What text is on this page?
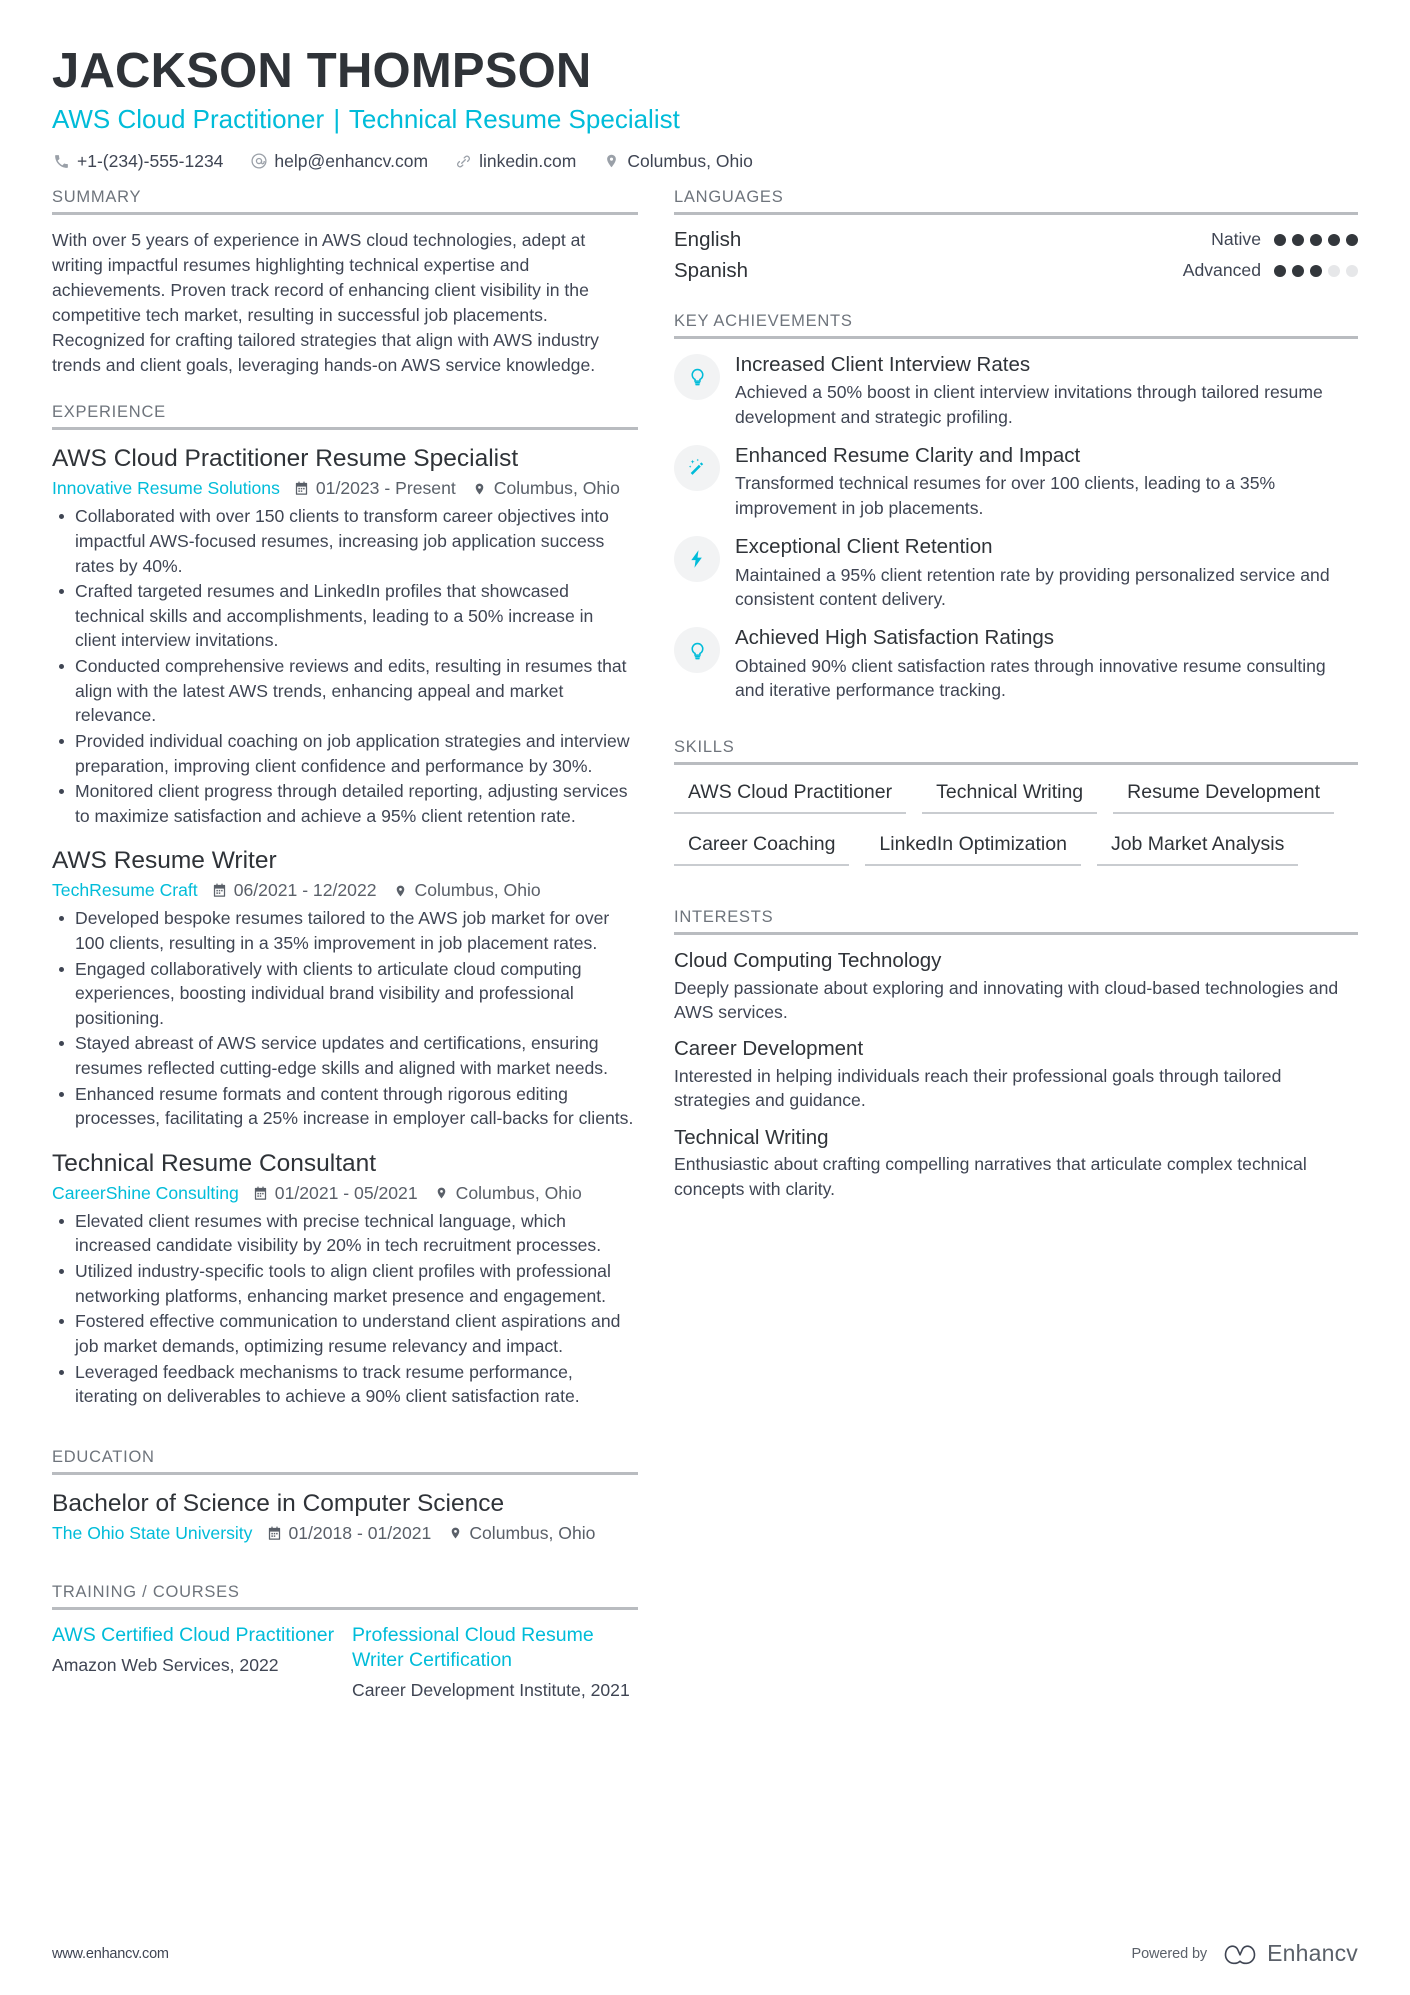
JACKSON THOMPSON
AWS Cloud Practitioner | Technical Resume Specialist
+1-(234)-555-1234	help@enhancv.com	linkedin.com	Columbus, Ohio
SUMMARY
With over 5 years of experience in AWS cloud technologies, adept at writing impactful resumes highlighting technical expertise and achievements. Proven track record of enhancing client visibility in the competitive tech market, resulting in successful job placements. Recognized for crafting tailored strategies that align with AWS industry trends and client goals, leveraging hands-on AWS service knowledge.
EXPERIENCE
AWS Cloud Practitioner Resume Specialist
Innovative Resume Solutions 01/2023 - Present Columbus, Ohio
Collaborated with over 150 clients to transform career objectives into impactful AWS-focused resumes, increasing job application success rates by 40%.
Crafted targeted resumes and LinkedIn profiles that showcased technical skills and accomplishments, leading to a 50% increase in client interview invitations.
Conducted comprehensive reviews and edits, resulting in resumes that align with the latest AWS trends, enhancing appeal and market relevance.
Provided individual coaching on job application strategies and interview preparation, improving client confidence and performance by 30%.
Monitored client progress through detailed reporting, adjusting services to maximize satisfaction and achieve a 95% client retention rate.
AWS Resume Writer
TechResume Craft 06/2021 - 12/2022 Columbus, Ohio
Developed bespoke resumes tailored to the AWS job market for over 100 clients, resulting in a 35% improvement in job placement rates.
Engaged collaboratively with clients to articulate cloud computing experiences, boosting individual brand visibility and professional positioning.
Stayed abreast of AWS service updates and certifications, ensuring resumes reflected cutting-edge skills and aligned with market needs.
Enhanced resume formats and content through rigorous editing processes, facilitating a 25% increase in employer call-backs for clients.
Technical Resume Consultant
CareerShine Consulting 01/2021 - 05/2021 Columbus, Ohio
Elevated client resumes with precise technical language, which increased candidate visibility by 20% in tech recruitment processes.
Utilized industry-specific tools to align client profiles with professional networking platforms, enhancing market presence and engagement.
Fostered effective communication to understand client aspirations and job market demands, optimizing resume relevancy and impact.
Leveraged feedback mechanisms to track resume performance, iterating on deliverables to achieve a 90% client satisfaction rate.
EDUCATION
Bachelor of Science in Computer Science
The Ohio State University 01/2018 - 01/2021 Columbus, Ohio
TRAINING / COURSES
AWS Certified Cloud Practitioner
Amazon Web Services, 2022
Professional Cloud Resume Writer Certification
Career Development Institute, 2021
LANGUAGES
English	Native
Spanish	Advanced
KEY ACHIEVEMENTS
Increased Client Interview Rates
Achieved a 50% boost in client interview invitations through tailored resume development and strategic profiling.
Enhanced Resume Clarity and Impact
Transformed technical resumes for over 100 clients, leading to a 35% improvement in job placements.
Exceptional Client Retention
Maintained a 95% client retention rate by providing personalized service and consistent content delivery.
Achieved High Satisfaction Ratings
Obtained 90% client satisfaction rates through innovative resume consulting and iterative performance tracking.
SKILLS
AWS Cloud Practitioner	Technical Writing	Resume Development
Career Coaching	LinkedIn Optimization	Job Market Analysis
INTERESTS
Cloud Computing Technology
Deeply passionate about exploring and innovating with cloud-based technologies and AWS services.
Career Development
Interested in helping individuals reach their professional goals through tailored strategies and guidance.
Technical Writing
Enthusiastic about crafting compelling narratives that articulate complex technical concepts with clarity.
www.enhancv.com	Powered by	Enhancv
